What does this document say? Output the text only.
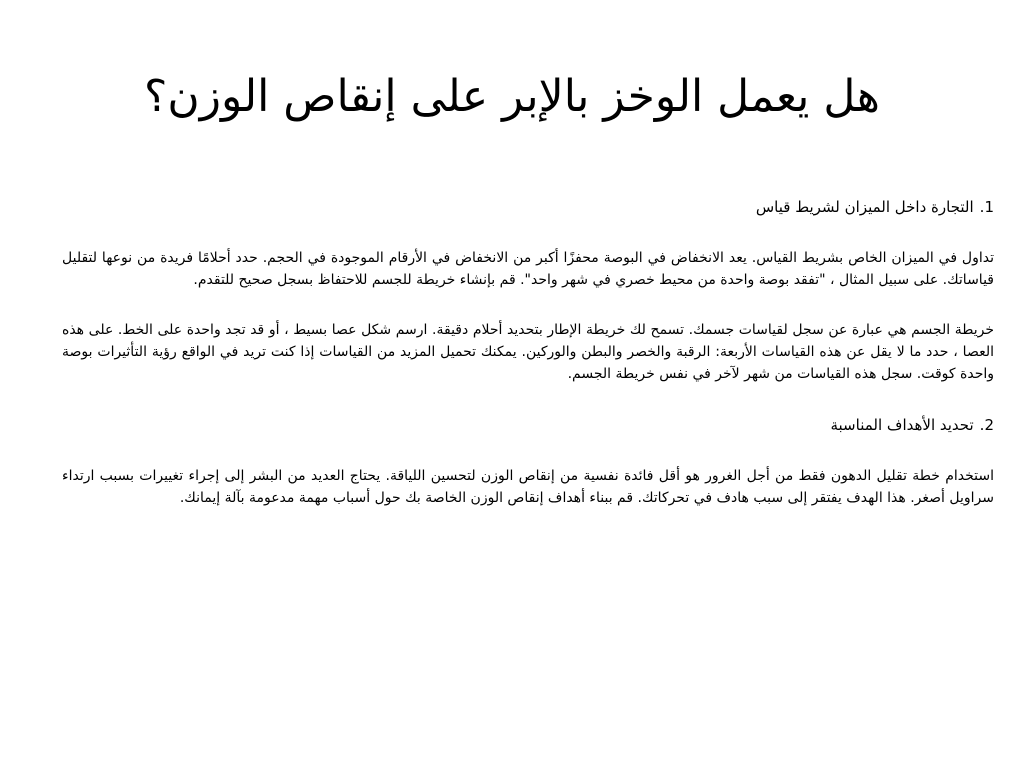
هل يعمل الوخز بالإبر على إنقاص الوزن؟

1.التجارة داخل الميزان لشريط قياس

تداول في الميزان الخاص بشريط القياس. يعد الانخفاض في البوصة محفزًا أكبر من الانخفاض في الأرقام الموجودة في الحجم. حدد أحلامًا فريدة من نوعها لتقليل قياساتك. على سبيل المثال ، "تفقد بوصة واحدة من محيط خصري في شهر واحد". قم بإنشاء خريطة للجسم للاحتفاظ بسجل صحيح للتقدم.

خريطة الجسم هي عبارة عن سجل لقياسات جسمك. تسمح لك خريطة الإطار بتحديد أحلام دقيقة. ارسم شكل عصا بسيط ، أو قد تجد واحدة على الخط. على هذه العصا ، حدد ما لا يقل عن هذه القياسات الأربعة: الرقبة والخصر والبطن والوركين. يمكنك تحميل المزيد من القياسات إذا كنت تريد في الواقع رؤية التأثيرات بوصة واحدة كوقت. سجل هذه القياسات من شهر لآخر في نفس خريطة الجسم.

2.تحديد الأهداف المناسبة

استخدام خطة تقليل الدهون فقط من أجل الغرور هو أقل فائدة نفسية من إنقاص الوزن لتحسين اللياقة. يحتاج العديد من البشر إلى إجراء تغييرات بسبب ارتداء سراويل أصغر. هذا الهدف يفتقر إلى سبب هادف في تحركاتك. قم ببناء أهداف إنقاص الوزن الخاصة بك حول أسباب مهمة مدعومة بآلة إيمانك.
